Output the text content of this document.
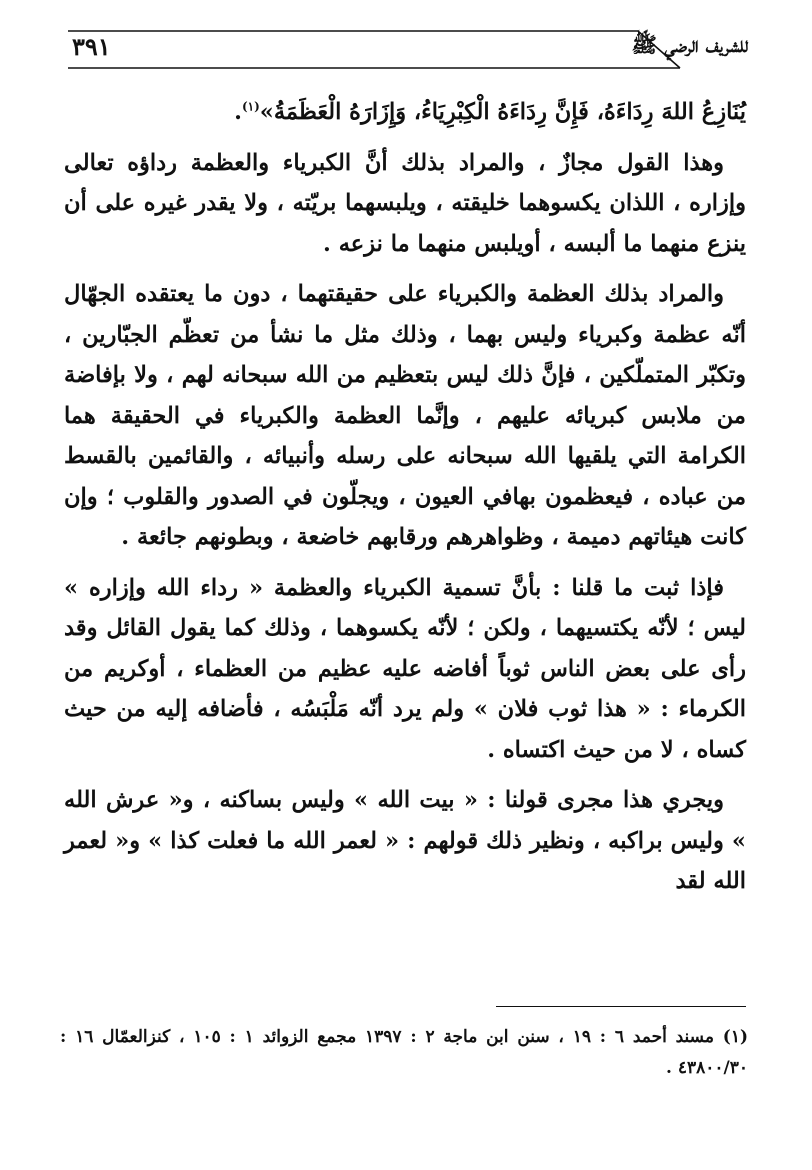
٣٩١	للشريف الرضي ﷺ

يُنَازِعُ اللهَ رِدَاءَهُ، فَإِنَّ رِدَاءَهُ الْكِبْرِيَاءُ، وَإِزَارَهُ الْعَظَمَةُ»$^{(١)}$.

وهذا القول مجازٌ ، والمراد بذلك أنَّ الكبرياء والعظمة رداؤه تعالى وإزاره ، اللذان يكسوهما خليقته ، ويلبسهما بريّته ، ولا يقدر غيره على أن ينزع منهما ما ألبسه ، أويلبس منهما ما نزعه .

والمراد بذلك العظمة والكبرياء على حقيقتهما ، دون ما يعتقده الجهّال أنّه عظمة وكبرياء وليس بهما ، وذلك مثل ما نشأ من تعظّم الجبّارين ، وتكبّر المتملّكين ، فإنَّ ذلك ليس بتعظيم من الله سبحانه لهم ، ولا بإفاضة من ملابس كبريائه عليهم ، وإنَّما العظمة والكبرياء في الحقيقة هما الكرامة التي يلقيها الله سبحانه على رسله وأنبيائه ، والقائمين بالقسط من عباده ، فيعظمون بهافي العيون ، ويجلّون في الصدور والقلوب ؛ وإن كانت هيئاتهم دميمة ، وظواهرهم ورقابهم خاضعة ، وبطونهم جائعة .

فإذا ثبت ما قلنا : بأنَّ تسمية الكبرياء والعظمة « رداء الله وإزاره » ليس ؛ لأنّه يكتسيهما ، ولكن ؛ لأنّه يكسوهما ، وذلك كما يقول القائل وقد رأى على بعض الناس ثوباً أفاضه عليه عظيم من العظماء ، أوكريم من الكرماء : « هذا ثوب فلان » ولم يرد أنّه مَلْبَسُه ، فأضافه إليه من حيث كساه ، لا من حيث اكتساه .

ويجري هذا مجرى قولنا : « بيت الله » وليس بساكنه ، و« عرش الله » وليس براكبه ، ونظير ذلك قولهم : « لعمر الله ما فعلت كذا » و« لعمر الله لقد

(١) مسند أحمد ٦ : ١٩ ، سنن ابن ماجة ٢ : ١٣٩٧ مجمع الزوائد ١ : ١٠٥ ، كنزالعمّال ١٦ : ٤٣٨٠٠/٣٠ .
